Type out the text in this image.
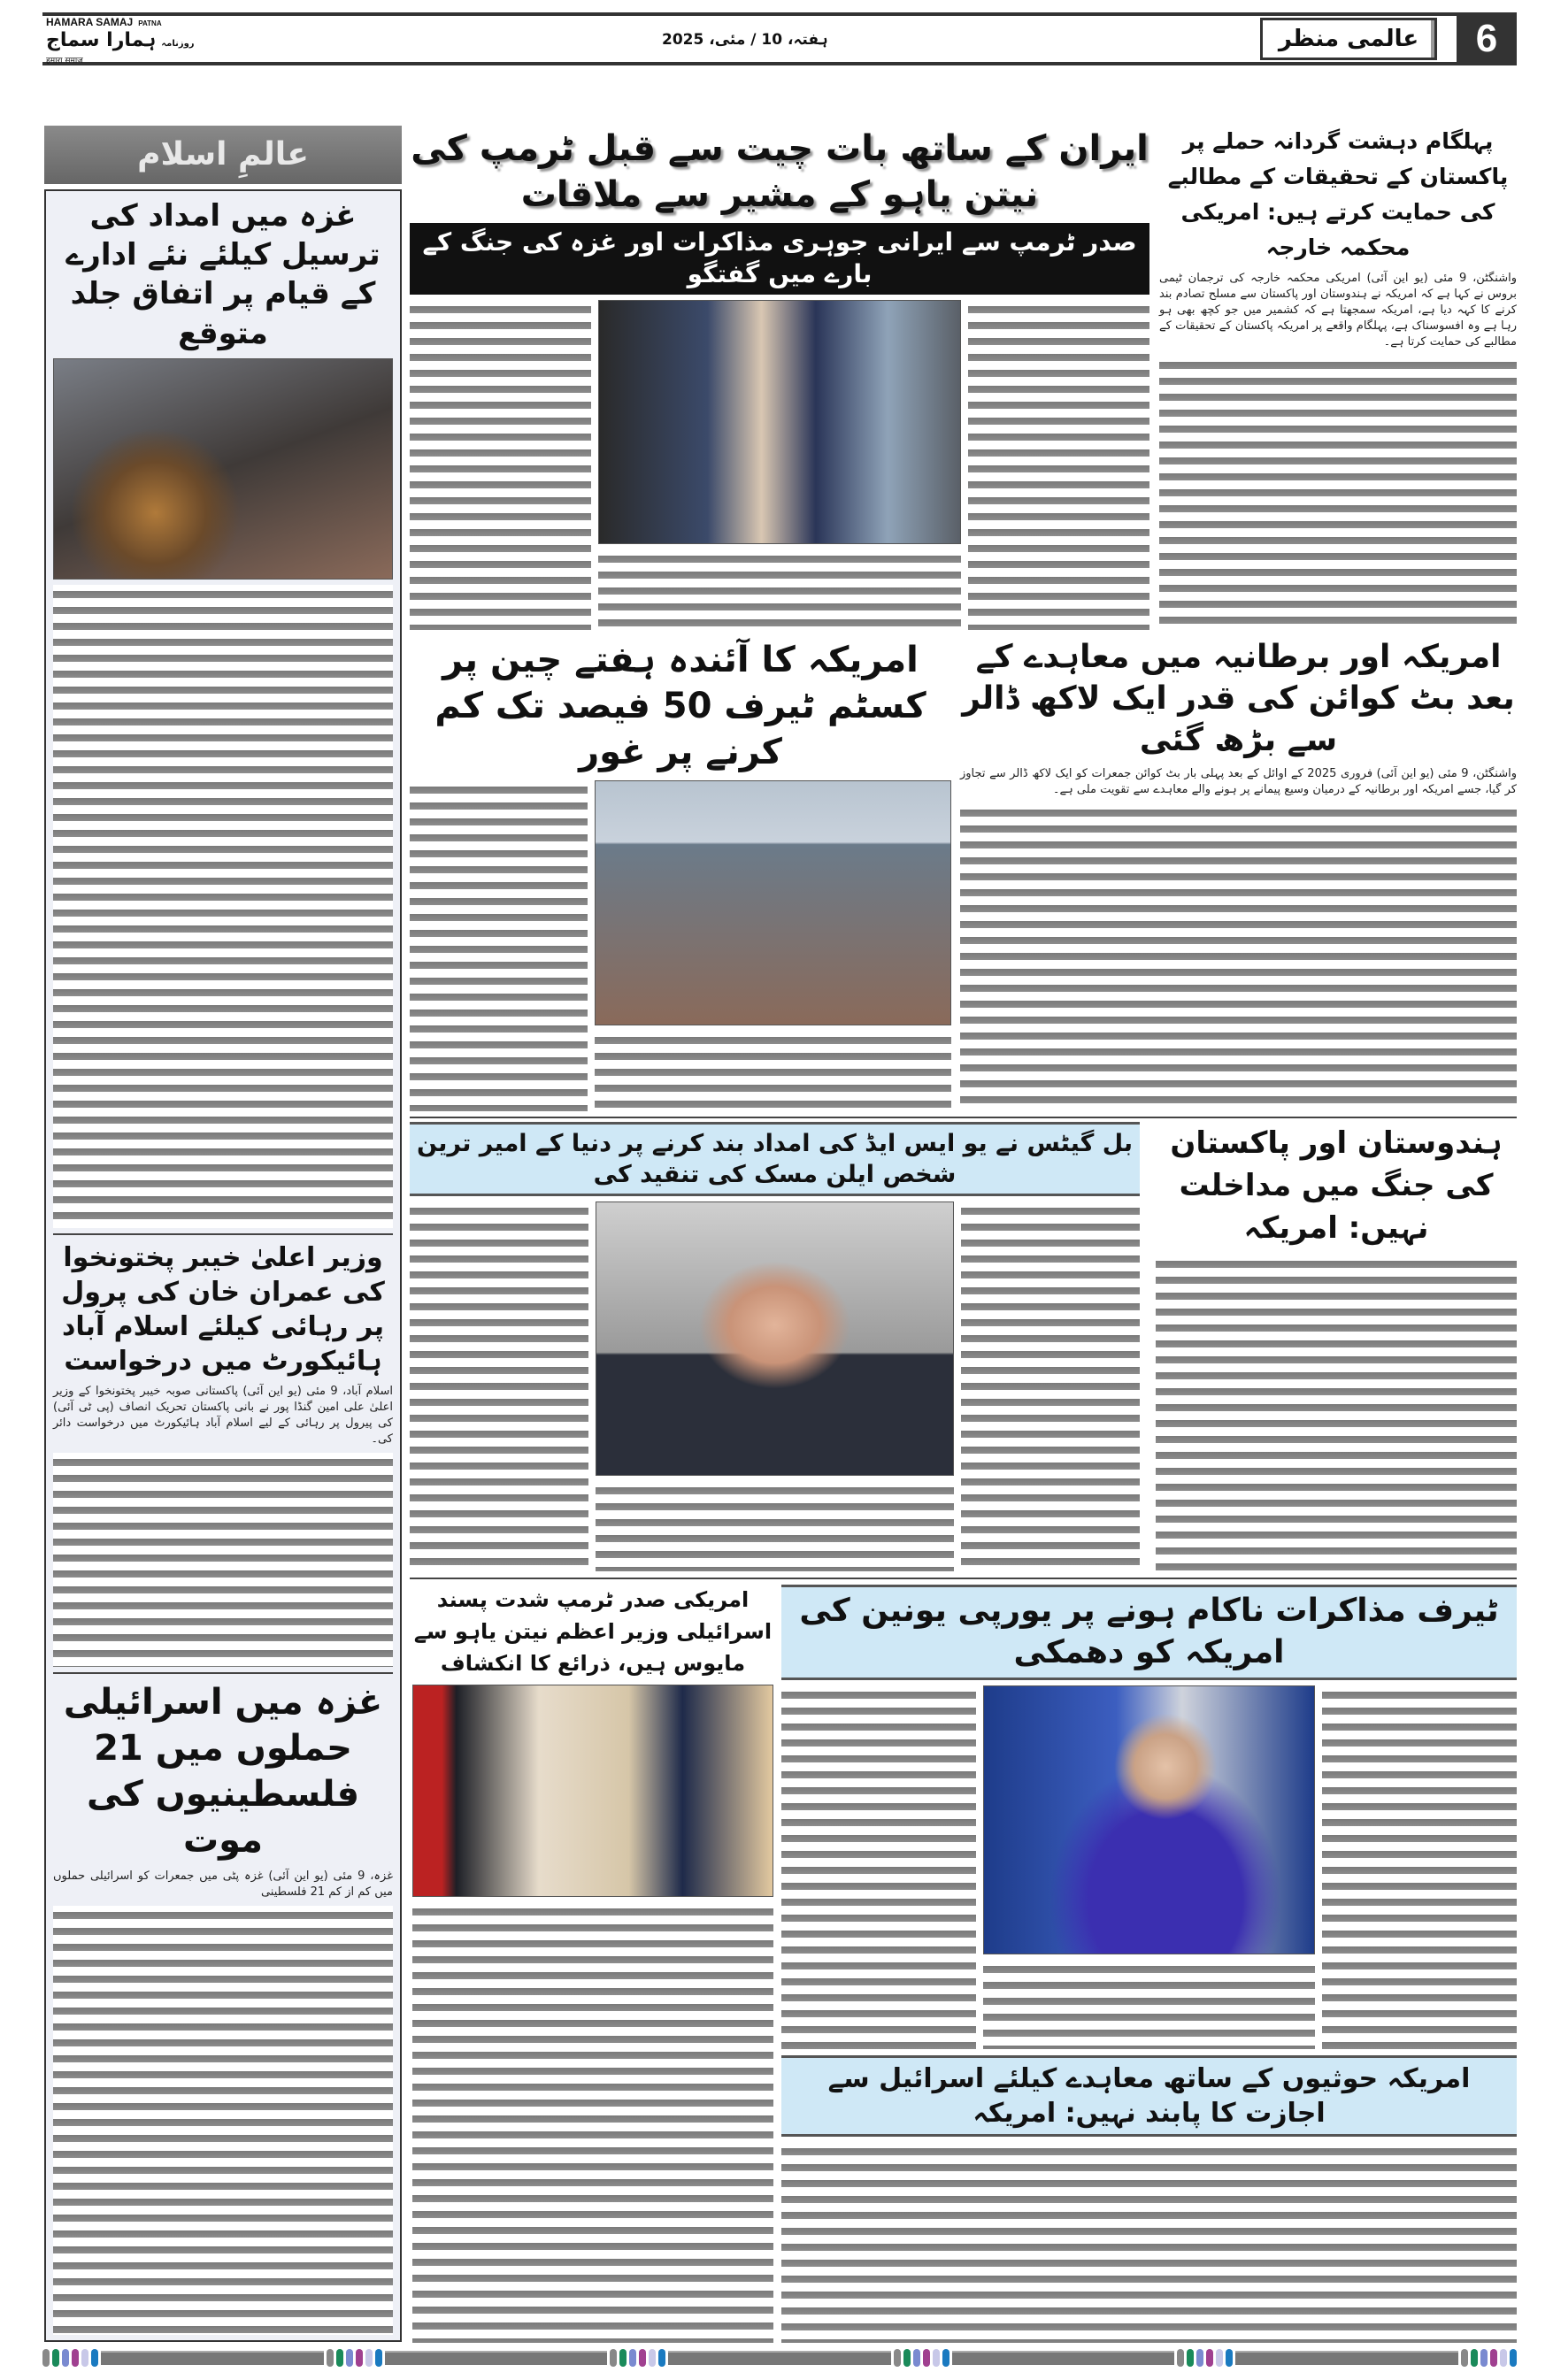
HAMARA SAMAJ PATNA
روزنامہ
ہمارا سماج
हमारा समाज
ہفتہ، 10 / مئی، 2025	عالمی منظر	6
عالمِ اسلام
غزہ میں امداد کی ترسیل کیلئے نئے ادارے کے قیام پر اتفاق جلد متوقع
وزیر اعلیٰ خیبر پختونخوا کی عمران خان کی پرول پر رہائی کیلئے اسلام آباد ہائیکورٹ میں درخواست

اسلام آباد، 9 مئی (یو این آئی) پاکستانی صوبہ خیبر پختونخوا کے وزیر اعلیٰ علی امین گنڈا پور نے بانی پاکستان تحریک انصاف (پی ٹی آئی) کی پیرول پر رہائی کے لیے اسلام آباد ہائیکورٹ میں درخواست دائر کی۔

غزہ میں اسرائیلی حملوں میں 21 فلسطینیوں کی موت

غزہ، 9 مئی (یو این آئی) غزہ پٹی میں جمعرات کو اسرائیلی حملوں میں کم از کم 21 فلسطینی

ایران کے ساتھ بات چیت سے قبل ٹرمپ کی نیتن یاہو کے مشیر سے ملاقات
صدر ٹرمپ سے ایرانی جوہری مذاکرات اور غزہ کی جنگ کے بارے میں گفتگو
پہلگام دہشت گردانہ حملے پر پاکستان کے تحقیقات کے مطالبے کی حمایت کرتے ہیں: امریکی محکمہ خارجہ

واشنگٹن، 9 مئی (یو این آئی) امریکی محکمہ خارجہ کی ترجمان ٹیمی بروس نے کہا ہے کہ امریکہ نے ہندوستان اور پاکستان سے مسلح تصادم بند کرنے کا کہہ دیا ہے، امریکہ سمجھتا ہے کہ کشمیر میں جو کچھ بھی ہو رہا ہے وہ افسوسناک ہے، پہلگام واقعے پر امریکہ پاکستان کے تحقیقات کے مطالبے کی حمایت کرتا ہے۔

امریکہ کا آئندہ ہفتے چین پر کسٹم ٹیرف 50 فیصد تک کم کرنے پر غور
امریکہ اور برطانیہ میں معاہدے کے بعد بٹ کوائن کی قدر ایک لاکھ ڈالر سے بڑھ گئی

واشنگٹن، 9 مئی (یو این آئی) فروری 2025 کے اوائل کے بعد پہلی بار بٹ کوائن جمعرات کو ایک لاکھ ڈالر سے تجاوز کر گیا، جسے امریکہ اور برطانیہ کے درمیان وسیع پیمانے پر ہونے والے معاہدے سے تقویت ملی ہے۔

بل گیٹس نے یو ایس ایڈ کی امداد بند کرنے پر دنیا کے امیر ترین شخص ایلن مسک کی تنقید کی
ہندوستان اور پاکستان کی جنگ میں مداخلت نہیں: امریکہ
امریکی صدر ٹرمپ شدت پسند اسرائیلی وزیر اعظم نیتن یاہو سے مایوس ہیں، ذرائع کا انکشاف
ٹیرف مذاکرات ناکام ہونے پر یورپی یونین کی امریکہ کو دھمکی
امریکہ حوثیوں کے ساتھ معاہدے کیلئے اسرائیل سے اجازت کا پابند نہیں: امریکہ
